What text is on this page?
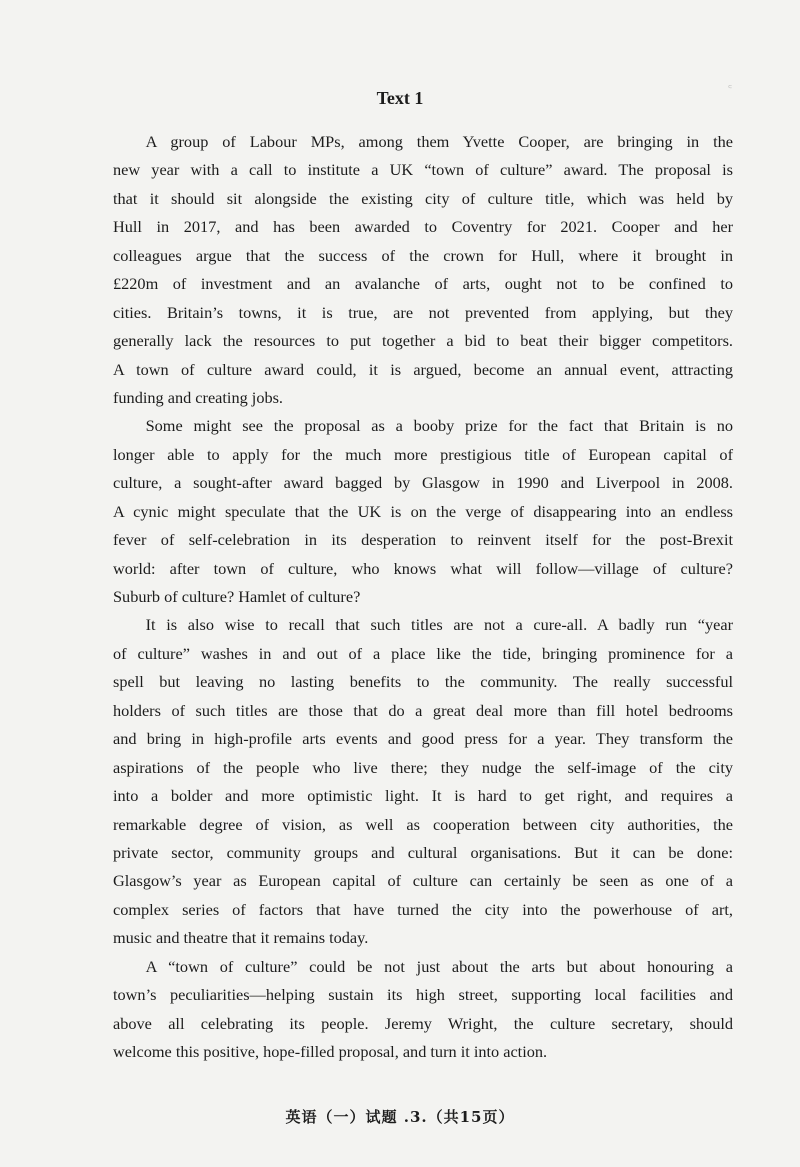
꜀
Text 1
A group of Labour MPs, among them Yvette Cooper, are bringing in the
new year with a call to institute a UK “town of culture” award. The proposal is
that it should sit alongside the existing city of culture title, which was held by
Hull in 2017, and has been awarded to Coventry for 2021. Cooper and her
colleagues argue that the success of the crown for Hull, where it brought in
£220m of investment and an avalanche of arts, ought not to be confined to
cities. Britain’s towns, it is true, are not prevented from applying, but they
generally lack the resources to put together a bid to beat their bigger competitors.
A town of culture award could, it is argued, become an annual event, attracting
funding and creating jobs.
Some might see the proposal as a booby prize for the fact that Britain is no
longer able to apply for the much more prestigious title of European capital of
culture, a sought-after award bagged by Glasgow in 1990 and Liverpool in 2008.
A cynic might speculate that the UK is on the verge of disappearing into an endless
fever of self-celebration in its desperation to reinvent itself for the post-Brexit
world: after town of culture, who knows what will follow—village of culture?
Suburb of culture? Hamlet of culture?
It is also wise to recall that such titles are not a cure-all. A badly run “year
of culture” washes in and out of a place like the tide, bringing prominence for a
spell but leaving no lasting benefits to the community. The really successful
holders of such titles are those that do a great deal more than fill hotel bedrooms
and bring in high-profile arts events and good press for a year. They transform the
aspirations of the people who live there; they nudge the self-image of the city
into a bolder and more optimistic light. It is hard to get right, and requires a
remarkable degree of vision, as well as cooperation between city authorities, the
private sector, community groups and cultural organisations. But it can be done:
Glasgow’s year as European capital of culture can certainly be seen as one of a
complex series of factors that have turned the city into the powerhouse of art,
music and theatre that it remains today.
A “town of culture” could be not just about the arts but about honouring a
town’s peculiarities—helping sustain its high street, supporting local facilities and
above all celebrating its people. Jeremy Wright, the culture secretary, should
welcome this positive, hope-filled proposal, and turn it into action.
英语（一）试题 .3.（共15页）
